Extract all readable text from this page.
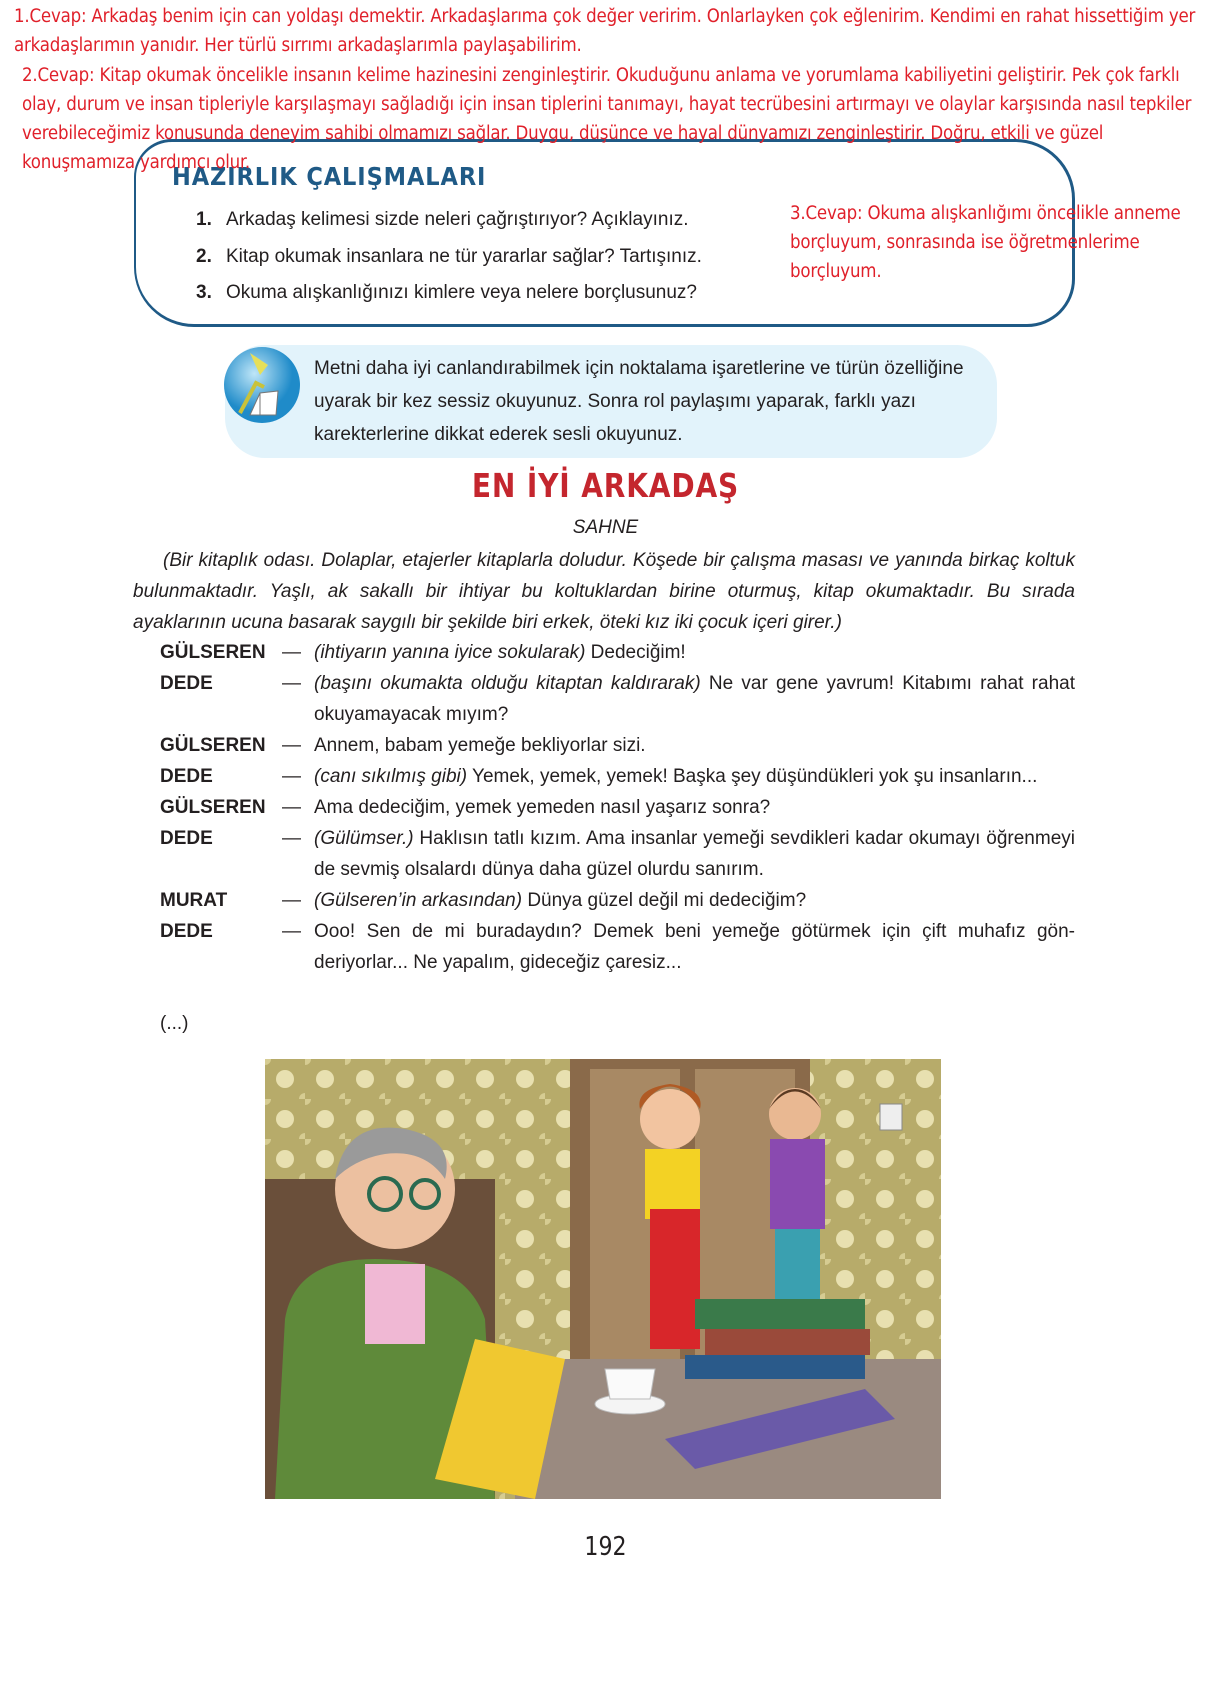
1.Cevap: Arkadaş benim için can yoldaşı demektir. Arkadaşlarıma çok değer veririm. Onlarlayken çok eğlenirim. Kendimi en rahat hissettiğim yer arkadaşlarımın yanıdır. Her türlü sırrımı arkadaşlarımla paylaşabilirim.
2.Cevap: Kitap okumak öncelikle insanın kelime hazinesini zenginleştirir. Okuduğunu anlama ve yorumlama kabiliyetini geliştirir. Pek çok farklı olay, durum ve insan tipleriyle karşılaşmayı sağladığı için insan tiplerini tanımayı, hayat tecrübesini artırmayı ve olaylar karşısında nasıl tepkiler verebileceğimiz konusunda deneyim sahibi olmamızı sağlar. Duygu, düşünce ve hayal dünyamızı zenginleştirir. Doğru, etkili ve güzel konuşmamıza yardımcı olur.
HAZIRLIK ÇALIŞMALARI
1. Arkadaş kelimesi sizde neleri çağrıştırıyor? Açıklayınız.
2. Kitap okumak insanlara ne tür yararlar sağlar? Tartışınız.
3. Okuma alışkanlığınızı kimlere veya nelere borçlusunuz?
3.Cevap: Okuma alışkanlığımı öncelikle anneme borçluyum, sonrasında ise öğretmenlerime borçluyum.
Metni daha iyi canlandırabilmek için noktalama işaretlerine ve türün özelliğine uyarak bir kez sessiz okuyunuz. Sonra rol paylaşımı yaparak, farklı yazı karekterlerine dikkat ederek sesli okuyunuz.
EN İYİ ARKADAŞ
SAHNE
(Bir kitaplık odası. Dolaplar, etajerler kitaplarla doludur. Köşede bir çalışma masası ve yanında birkaç koltuk bulunmaktadır. Yaşlı, ak sakallı bir ihtiyar bu koltuklardan birine oturmuş, kitap okumaktadır. Bu sırada ayaklarının ucuna basarak saygılı bir şekilde biri erkek, öteki kız iki çocuk içeri girer.)
GÜLSEREN — (ihtiyarın yanına iyice sokularak) Dedeciğim!
DEDE	— (başını okumakta olduğu kitaptan kaldırarak) Ne var gene yavrum! Kitabımı rahat rahat okuyamayacak mıyım?
GÜLSEREN — Annem, babam yemeğe bekliyorlar sizi.
DEDE	— (canı sıkılmış gibi) Yemek, yemek, yemek! Başka şey düşündükleri yok şu insanların...
GÜLSEREN — Ama dedeciğim, yemek yemeden nasıl yaşarız sonra?
DEDE	— (Gülümser.) Haklısın tatlı kızım. Ama insanlar yemeği sevdikleri kadar okumayı öğrenmeyi de sevmiş olsalardı dünya daha güzel olurdu sanırım.
MURAT	— (Gülseren’in arkasından) Dünya güzel değil mi dedeciğim?
DEDE	— Ooo! Sen de mi buradaydın? Demek beni yemeğe götürmek için çift muhafız gönderiyorlar... Ne yapalım, gideceğiz çaresiz...
(...)
192
